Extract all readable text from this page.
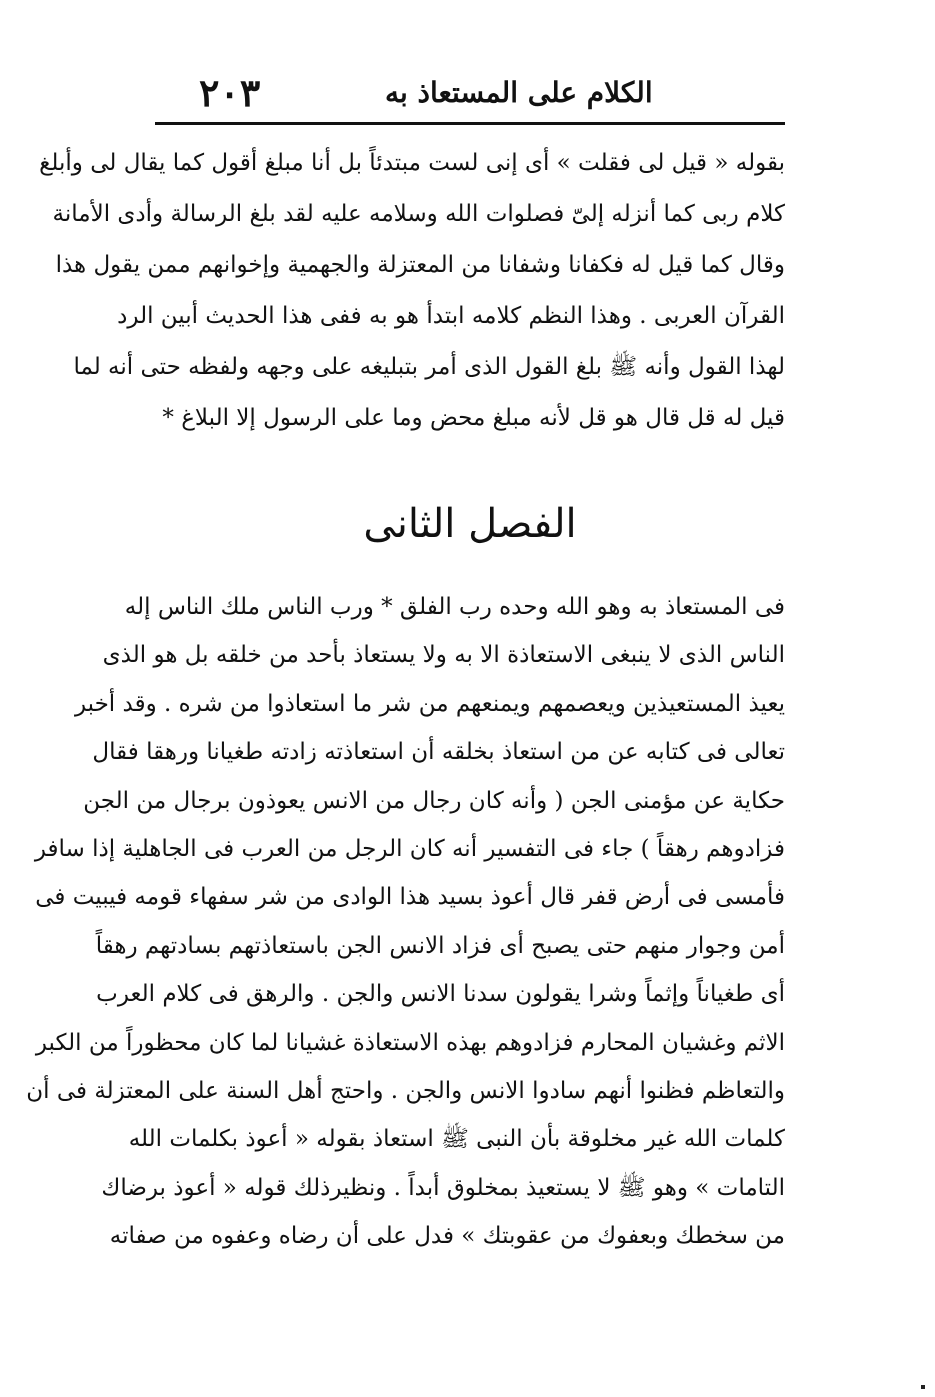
٢٠٣	الكلام على المستعاذ به
بقوله « قيل لى فقلت » أى إنى لست مبتدئاً بل أنا مبلغ أقول كما يقال لى وأبلغ
كلام ربى كما أنزله إلىّ فصلوات الله وسلامه عليه لقد بلغ الرسالة وأدى الأمانة
وقال كما قيل له فكفانا وشفانا من المعتزلة والجهمية وإخوانهم ممن يقول هذا
القرآن العربى . وهذا النظم كلامه ابتدأ هو به ففى هذا الحديث أبين الرد
لهذا القول وأنه ﷺ بلغ القول الذى أمر بتبليغه على وجهه ولفظه حتى أنه لما
قيل له قل قال هو قل لأنه مبلغ محض وما على الرسول إلا البلاغ *
الفصل الثانى
فى المستعاذ به وهو الله وحده رب الفلق * ورب الناس ملك الناس إله
الناس الذى لا ينبغى الاستعاذة الا به ولا يستعاذ بأحد من خلقه بل هو الذى
يعيذ المستعيذين ويعصمهم ويمنعهم من شر ما استعاذوا من شره . وقد أخبر
تعالى فى كتابه عن من استعاذ بخلقه أن استعاذته زادته طغيانا ورهقا فقال
حكاية عن مؤمنى الجن ( وأنه كان رجال من الانس يعوذون برجال من الجن
فزادوهم رهقاً ) جاء فى التفسير أنه كان الرجل من العرب فى الجاهلية إذا سافر
فأمسى فى أرض قفر قال أعوذ بسيد هذا الوادى من شر سفهاء قومه فيبيت فى
أمن وجوار منهم حتى يصبح أى فزاد الانس الجن باستعاذتهم بسادتهم رهقاً
أى طغياناً وإثماً وشرا يقولون سدنا الانس والجن . والرهق فى كلام العرب
الاثم وغشيان المحارم فزادوهم بهذه الاستعاذة غشيانا لما كان محظوراً من الكبر
والتعاظم فظنوا أنهم سادوا الانس والجن . واحتج أهل السنة على المعتزلة فى أن
كلمات الله غير مخلوقة بأن النبى ﷺ استعاذ بقوله « أعوذ بكلمات الله
التامات » وهو ﷺ لا يستعيذ بمخلوق أبداً . ونظيرذلك قوله « أعوذ برضاك
من سخطك وبعفوك من عقوبتك » فدل على أن رضاه وعفوه من صفاته
